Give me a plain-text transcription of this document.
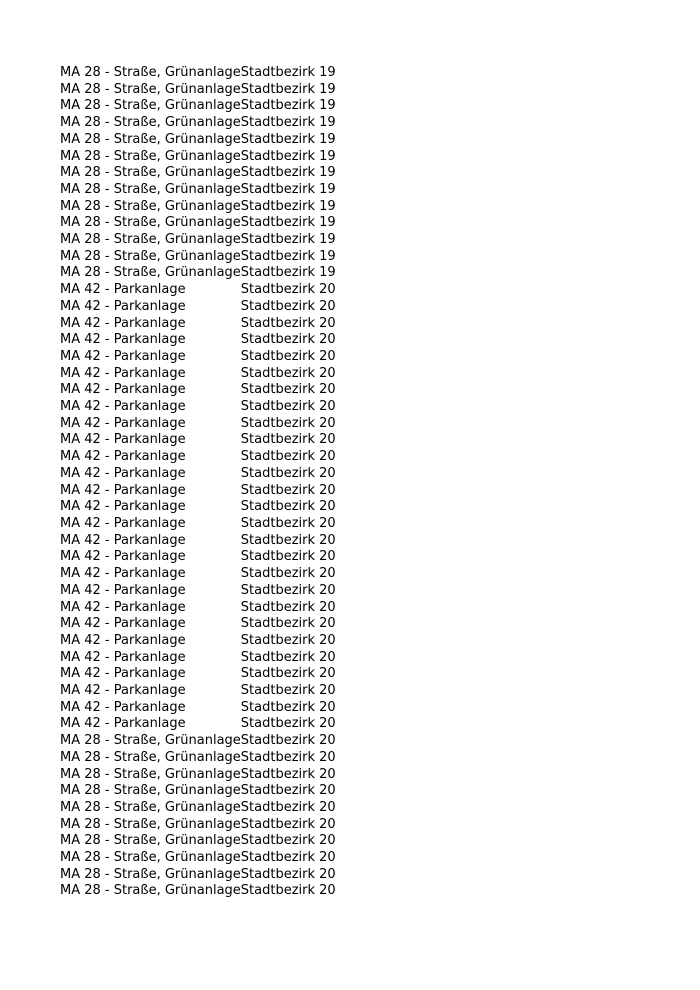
MA 28 - Straße, Grünanlage	Stadtbezirk 19
MA 28 - Straße, Grünanlage	Stadtbezirk 19
MA 28 - Straße, Grünanlage	Stadtbezirk 19
MA 28 - Straße, Grünanlage	Stadtbezirk 19
MA 28 - Straße, Grünanlage	Stadtbezirk 19
MA 28 - Straße, Grünanlage	Stadtbezirk 19
MA 28 - Straße, Grünanlage	Stadtbezirk 19
MA 28 - Straße, Grünanlage	Stadtbezirk 19
MA 28 - Straße, Grünanlage	Stadtbezirk 19
MA 28 - Straße, Grünanlage	Stadtbezirk 19
MA 28 - Straße, Grünanlage	Stadtbezirk 19
MA 28 - Straße, Grünanlage	Stadtbezirk 19
MA 28 - Straße, Grünanlage	Stadtbezirk 19
MA 42 - Parkanlage	Stadtbezirk 20
MA 42 - Parkanlage	Stadtbezirk 20
MA 42 - Parkanlage	Stadtbezirk 20
MA 42 - Parkanlage	Stadtbezirk 20
MA 42 - Parkanlage	Stadtbezirk 20
MA 42 - Parkanlage	Stadtbezirk 20
MA 42 - Parkanlage	Stadtbezirk 20
MA 42 - Parkanlage	Stadtbezirk 20
MA 42 - Parkanlage	Stadtbezirk 20
MA 42 - Parkanlage	Stadtbezirk 20
MA 42 - Parkanlage	Stadtbezirk 20
MA 42 - Parkanlage	Stadtbezirk 20
MA 42 - Parkanlage	Stadtbezirk 20
MA 42 - Parkanlage	Stadtbezirk 20
MA 42 - Parkanlage	Stadtbezirk 20
MA 42 - Parkanlage	Stadtbezirk 20
MA 42 - Parkanlage	Stadtbezirk 20
MA 42 - Parkanlage	Stadtbezirk 20
MA 42 - Parkanlage	Stadtbezirk 20
MA 42 - Parkanlage	Stadtbezirk 20
MA 42 - Parkanlage	Stadtbezirk 20
MA 42 - Parkanlage	Stadtbezirk 20
MA 42 - Parkanlage	Stadtbezirk 20
MA 42 - Parkanlage	Stadtbezirk 20
MA 42 - Parkanlage	Stadtbezirk 20
MA 42 - Parkanlage	Stadtbezirk 20
MA 42 - Parkanlage	Stadtbezirk 20
MA 28 - Straße, Grünanlage	Stadtbezirk 20
MA 28 - Straße, Grünanlage	Stadtbezirk 20
MA 28 - Straße, Grünanlage	Stadtbezirk 20
MA 28 - Straße, Grünanlage	Stadtbezirk 20
MA 28 - Straße, Grünanlage	Stadtbezirk 20
MA 28 - Straße, Grünanlage	Stadtbezirk 20
MA 28 - Straße, Grünanlage	Stadtbezirk 20
MA 28 - Straße, Grünanlage	Stadtbezirk 20
MA 28 - Straße, Grünanlage	Stadtbezirk 20
MA 28 - Straße, Grünanlage	Stadtbezirk 20
